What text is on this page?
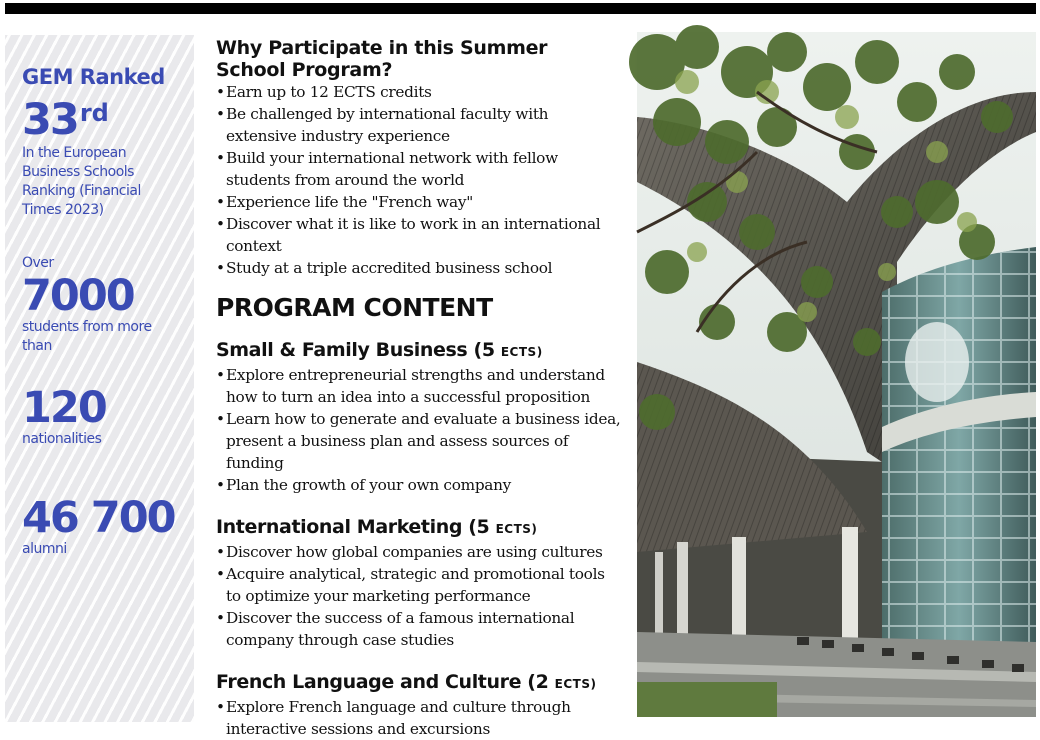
GEM Ranked
33rd
In the European
Business Schools
Ranking (Financial
Times 2023)
Over
7000
students from more
than
120
nationalities
46 700
alumni
Why Participate in this Summer
School Program?
• Earn up to 12 ECTS credits
• Be challenged by international faculty with
extensive industry experience
• Build your international network with fellow
students from around the world
• Experience life the "French way"
• Discover what it is like to work in an international
context
• Study at a triple accredited business school
PROGRAM CONTENT
Small & Family Business (5 ECTS)
• Explore entrepreneurial strengths and understand
how to turn an idea into a successful proposition
• Learn how to generate and evaluate a business idea,
present a business plan and assess sources of funding
• Plan the growth of your own company
International Marketing (5 ECTS)
• Discover how global companies are using cultures
• Acquire analytical, strategic and promotional tools
to optimize your marketing performance
• Discover the success of a famous international
company through case studies
French Language and Culture (2 ECTS)
• Explore French language and culture through
interactive sessions and excursions
